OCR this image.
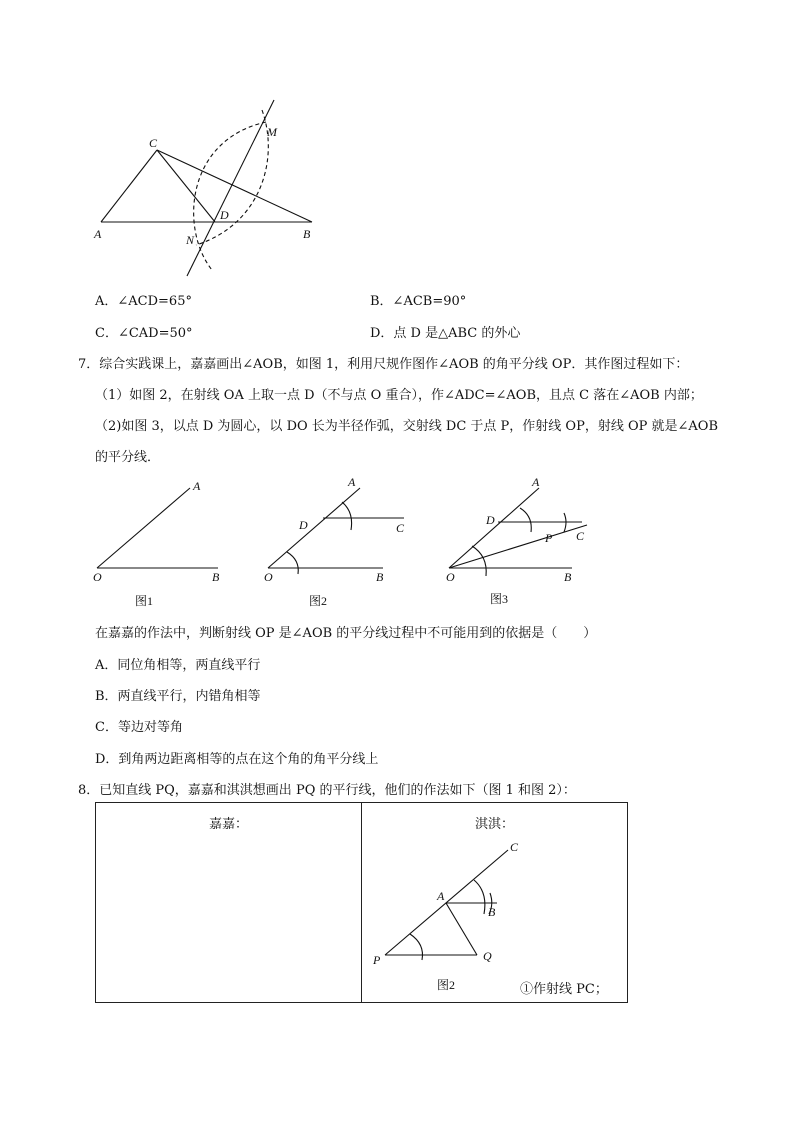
C
A	B
D
M
N
A．∠ACD=65°	B．∠ACB=90°
C．∠CAD=50°	D．点 D 是△ABC 的外心
7．综合实践课上，嘉嘉画出∠AOB，如图 1，利用尺规作图作∠AOB 的角平分线 OP．其作图过程如下：
（1）如图 2，在射线 OA 上取一点 D（不与点 O 重合），作∠ADC=∠AOB，且点 C 落在∠AOB 内部；
（2)如图 3，以点 D 为圆心，以 DO 长为半径作弧，交射线 DC 于点 P，作射线 OP，射线 OP 就是∠AOB
的平分线．
A
O	B
图1
A
D	C
O	B
图2
A
D
P C
O	B
图3
在嘉嘉的作法中，判断射线 OP 是∠AOB 的平分线过程中不可能用到的依据是（　　）
A．同位角相等，两直线平行
B．两直线平行，内错角相等
C．等边对等角
D．到角两边距离相等的点在这个角的角平分线上
8．已知直线 PQ，嘉嘉和淇淇想画出 PQ 的平行线，他们的作法如下（图 1 和图 2）：
嘉嘉：	淇淇：
C
A
B
P	Q
图2	①作射线 PC；
